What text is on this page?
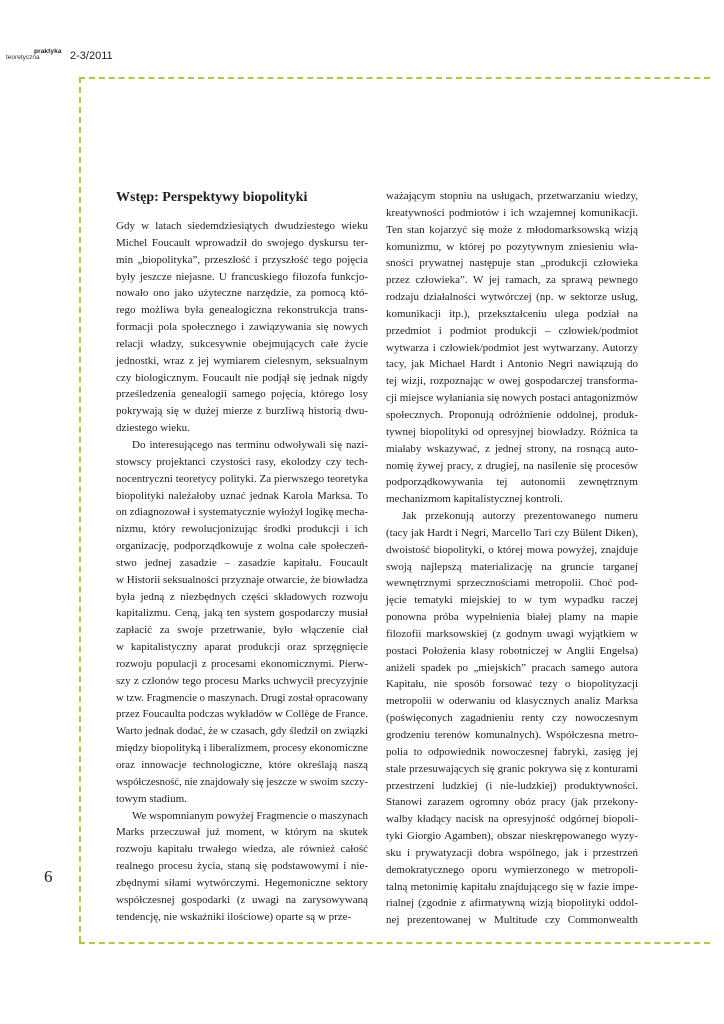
praktyka
teoretyczna	2-3/2011
Wstęp: Perspektywy biopolityki
Gdy w latach siedemdziesiątych dwudziestego wieku
Michel Foucault wprowadził do swojego dyskursu ter-
min „biopolityka”, przeszłość i przyszłość tego pojęcia
były jeszcze niejasne. U francuskiego filozofa funkcjo-
nowało ono jako użyteczne narzędzie, za pomocą któ-
rego możliwa była genealogiczna rekonstrukcja trans-
formacji pola społecznego i zawiązywania się nowych
relacji władzy, sukcesywnie obejmujących całe życie
jednostki, wraz z jej wymiarem cielesnym, seksualnym
czy biologicznym. Foucault nie podjął się jednak nigdy
prześledzenia genealogii samego pojęcia, którego losy
pokrywają się w dużej mierze z burzliwą historią dwu-
dziestego wieku.
Do interesującego nas terminu odwoływali się nazi-
stowscy projektanci czystości rasy, ekolodzy czy tech-
nocentryczni teoretycy polityki. Za pierwszego teoretyka
biopolityki należałoby uznać jednak Karola Marksa. To
on zdiagnozował i systematycznie wyłożył logikę mecha-
nizmu, który rewolucjonizując środki produkcji i ich
organizację, podporządkowuje z wolna całe społeczeń-
stwo jednej zasadzie – zasadzie kapitału. Foucault
w Historii seksualności przyznaje otwarcie, że biowładza
była jedną z niezbędnych części składowych rozwoju
kapitalizmu. Ceną, jaką ten system gospodarczy musiał
zapłacić za swoje przetrwanie, było włączenie ciał
w kapitalistyczny aparat produkcji oraz sprzęgnięcie
rozwoju populacji z procesami ekonomicznymi. Pierw-
szy z członów tego procesu Marks uchwycił precyzyjnie
w tzw. Fragmencie o maszynach. Drugi został opracowany
przez Foucaulta podczas wykładów w Collège de France.
Warto jednak dodać, że w czasach, gdy śledził on związki
między biopolityką i liberalizmem, procesy ekonomiczne
oraz innowacje technologiczne, które określają naszą
współczesność, nie znajdowały się jeszcze w swoim szczy-
towym stadium.
We wspomnianym powyżej Fragmencie o maszynach
Marks przeczuwał już moment, w którym na skutek
rozwoju kapitału trwałego wiedza, ale również całość
realnego procesu życia, staną się podstawowymi i nie-
zbędnymi siłami wytwórczymi. Hegemoniczne sektory
współczesnej gospodarki (z uwagi na zarysowywaną
tendencję, nie wskaźniki ilościowe) oparte są w prze-
ważającym stopniu na usługach, przetwarzaniu wiedzy,
kreatywności podmiotów i ich wzajemnej komunikacji.
Ten stan kojarzyć się może z młodomarksowską wizją
komunizmu, w której po pozytywnym zniesieniu wła-
sności prywatnej następuje stan „produkcji człowieka
przez człowieka”. W jej ramach, za sprawą pewnego
rodzaju działalności wytwórczej (np. w sektorze usług,
komunikacji itp.), przekształceniu ulega podział na
przedmiot i podmiot produkcji – człowiek/podmiot
wytwarza i człowiek/podmiot jest wytwarzany. Autorzy
tacy, jak Michael Hardt i Antonio Negri nawiązują do
tej wizji, rozpoznając w owej gospodarczej transforma-
cji miejsce wyłaniania się nowych postaci antagonizmów
społecznych. Proponują odróżnienie oddolnej, produk-
tywnej biopolityki od opresyjnej biowładzy. Różnica ta
miałaby wskazywać, z jednej strony, na rosnącą auto-
nomię żywej pracy, z drugiej, na nasilenie się procesów
podporządkowywania tej autonomii zewnętrznym
mechanizmom kapitalistycznej kontroli.
Jak przekonują autorzy prezentowanego numeru
(tacy jak Hardt i Negri, Marcello Tarì czy Bülent Diken),
dwoistość biopolityki, o której mowa powyżej, znajduje
swoją najlepszą materializację na gruncie targanej
wewnętrznymi sprzecznościami metropolii. Choć pod-
jęcie tematyki miejskiej to w tym wypadku raczej
ponowna próba wypełnienia białej plamy na mapie
filozofii marksowskiej (z godnym uwagi wyjątkiem w
postaci Położenia klasy robotniczej w Anglii Engelsa)
aniżeli spadek po „miejskich” pracach samego autora
Kapitału, nie sposób forsować tezy o biopolityzacji
metropolii w oderwaniu od klasycznych analiz Marksa
(poświęconych zagadnieniu renty czy nowoczesnym
grodzeniu terenów komunalnych). Współczesna metro-
polia to odpowiednik nowoczesnej fabryki, zasięg jej
stale przesuwających się granic pokrywa się z konturami
przestrzeni ludzkiej (i nie-ludzkiej) produktywności.
Stanowi zarazem ogromny obóz pracy (jak przekony-
walby kładący nacisk na opresyjność odgórnej biopoli-
tyki Giorgio Agamben), obszar nieskrępowanego wyzy-
sku i prywatyzacji dobra wspólnego, jak i przestrzeń
demokratycznego oporu wymierzonego w metropoli-
talną metonimię kapitału znajdującego się w fazie impe-
rialnej (zgodnie z afirmatywną wizją biopolityki oddol-
nej prezentowanej w Multitude czy Commonwealth
6
